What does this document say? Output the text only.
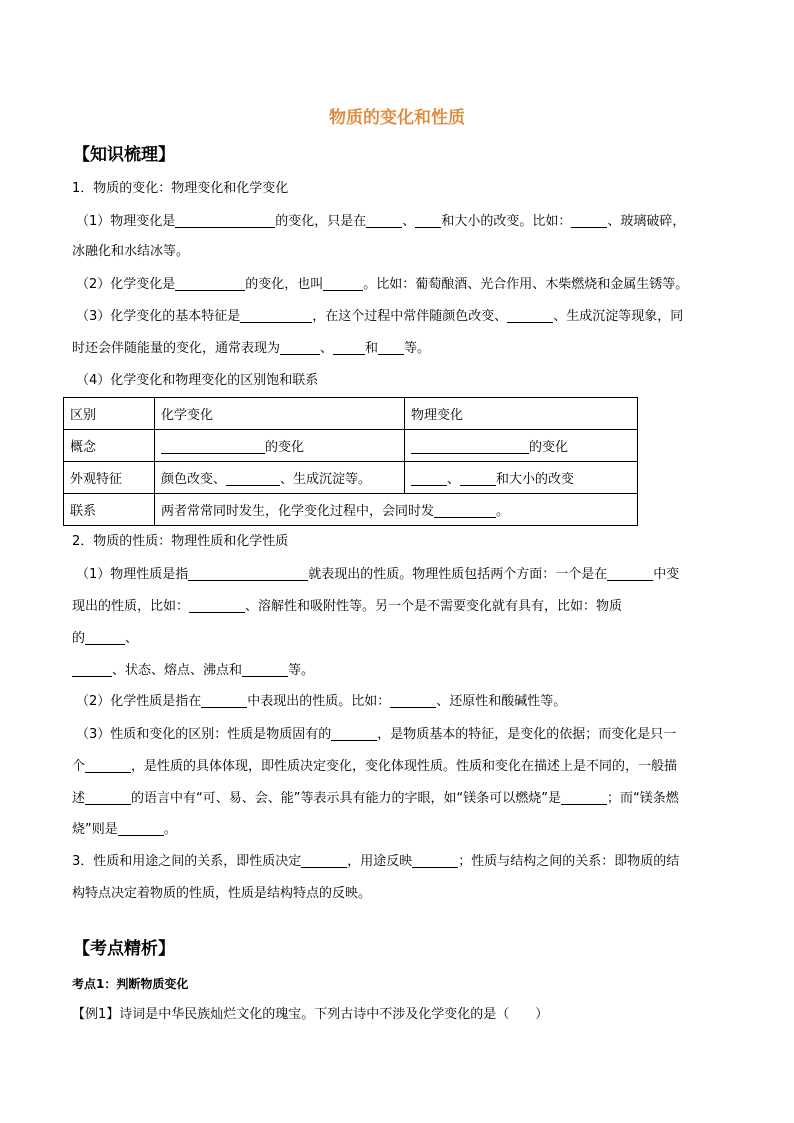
物质的变化和性质
【知识梳理】
1．物质的变化：物理变化和化学变化
（1）物理变化是	的变化，只是在	、 和大小的改变。比如：	、玻璃破碎，
冰融化和水结冰等。
（2）化学变化是	的变化，也叫	。比如：葡萄酿酒、光合作用、木柴燃烧和金属生锈等。
（3）化学变化的基本特征是	，在这个过程中常伴随颜色改变、	、生成沉淀等现象，同
时还会伴随能量的变化，通常表现为	、 和 等。
（4）化学变化和物理变化的区别饱和联系
区别	化学变化	物理变化
概念	的变化	的变化
外观特征	颜色改变、 、生成沉淀等。	、 和大小的改变
联系	两者常常同时发生，化学变化过程中，会同时发 。	
2．物质的性质：物理性质和化学性质
（1）物理性质是指	就表现出的性质。物理性质包括两个方面：一个是在	中变
现出的性质，比如：	、溶解性和吸附性等。另一个是不需要变化就有具有，比如：物质
的	、
、状态、熔点、沸点和	等。
（2）化学性质是指在	中表现出的性质。比如：	、还原性和酸碱性等。
（3）性质和变化的区别：性质是物质固有的	，是物质基本的特征，是变化的依据；而变化是只一
个	，是性质的具体体现，即性质决定变化，变化体现性质。性质和变化在描述上是不同的，一般描
述	的语言中有“可、易、会、能”等表示具有能力的字眼，如“镁条可以燃烧”是	；而“镁条燃
烧”则是	。
3．性质和用途之间的关系，即性质决定	，用途反映	；性质与结构之间的关系：即物质的结
构特点决定着物质的性质，性质是结构特点的反映。
【考点精析】
考点1：判断物质变化
【例1】诗词是中华民族灿烂文化的瑰宝。下列古诗中不涉及化学变化的是（　　）
